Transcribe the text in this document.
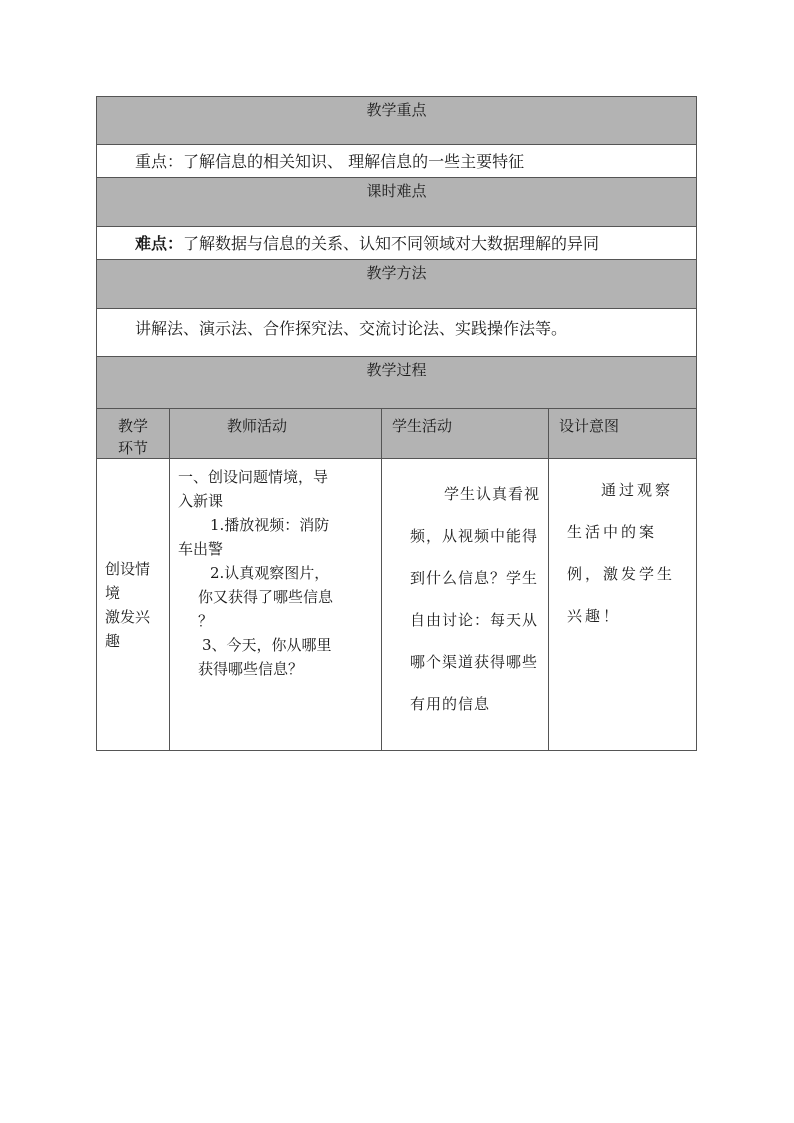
教学重点
重点：了解信息的相关知识、 理解信息的一些主要特征
课时难点
难点：了解数据与信息的关系、认知不同领域对大数据理解的异同
教学方法
讲解法、演示法、合作探究法、交流讨论法、实践操作法等。
教学过程
教学
环节
教师活动	学生活动	设计意图
创设情
境
激发兴
趣
一、创设问题情境，导
入新课
1.播放视频：消防
车出警
2.认真观察图片，
你又获得了哪些信息
？
3、今天，你从哪里
获得哪些信息？
学生认真看视频，从视频中能得到什么信息？学生自由讨论：每天从哪个渠道获得哪些有用的信息
通过观察生活中的案例，激发学生兴趣！
